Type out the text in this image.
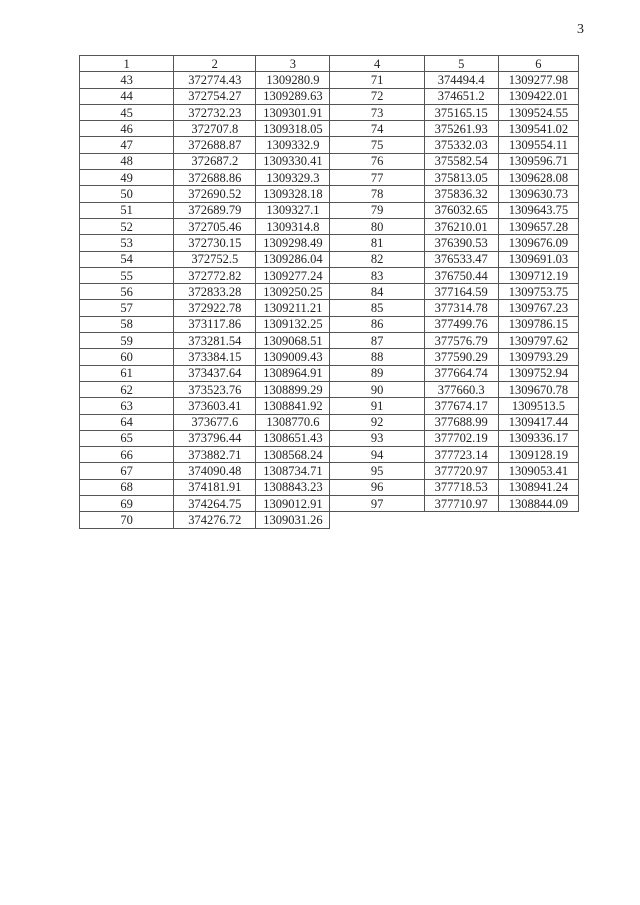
3
1	2	3	4	5	6
43	372774.43	1309280.9	71	374494.4	1309277.98
44	372754.27	1309289.63	72	374651.2	1309422.01
45	372732.23	1309301.91	73	375165.15	1309524.55
46	372707.8	1309318.05	74	375261.93	1309541.02
47	372688.87	1309332.9	75	375332.03	1309554.11
48	372687.2	1309330.41	76	375582.54	1309596.71
49	372688.86	1309329.3	77	375813.05	1309628.08
50	372690.52	1309328.18	78	375836.32	1309630.73
51	372689.79	1309327.1	79	376032.65	1309643.75
52	372705.46	1309314.8	80	376210.01	1309657.28
53	372730.15	1309298.49	81	376390.53	1309676.09
54	372752.5	1309286.04	82	376533.47	1309691.03
55	372772.82	1309277.24	83	376750.44	1309712.19
56	372833.28	1309250.25	84	377164.59	1309753.75
57	372922.78	1309211.21	85	377314.78	1309767.23
58	373117.86	1309132.25	86	377499.76	1309786.15
59	373281.54	1309068.51	87	377576.79	1309797.62
60	373384.15	1309009.43	88	377590.29	1309793.29
61	373437.64	1308964.91	89	377664.74	1309752.94
62	373523.76	1308899.29	90	377660.3	1309670.78
63	373603.41	1308841.92	91	377674.17	1309513.5
64	373677.6	1308770.6	92	377688.99	1309417.44
65	373796.44	1308651.43	93	377702.19	1309336.17
66	373882.71	1308568.24	94	377723.14	1309128.19
67	374090.48	1308734.71	95	377720.97	1309053.41
68	374181.91	1308843.23	96	377718.53	1308941.24
69	374264.75	1309012.91	97	377710.97	1308844.09
70	374276.72	1309031.26			
